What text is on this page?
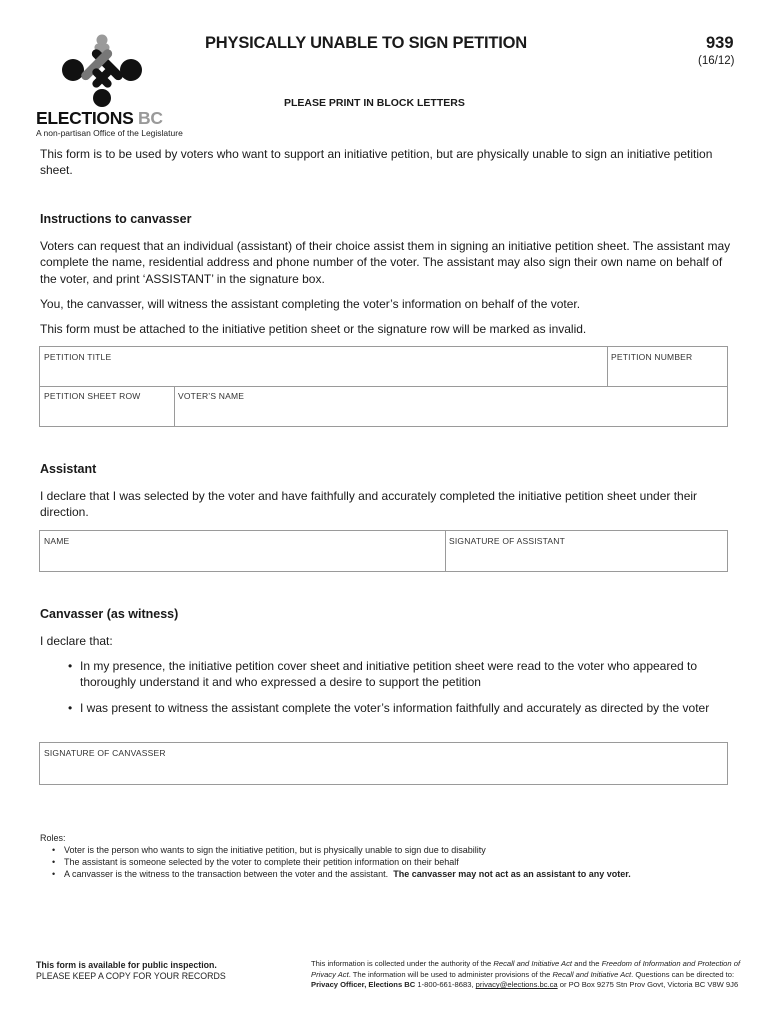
ELECTIONS BC
A non-partisan Office of the Legislature
PHYSICALLY UNABLE TO SIGN PETITION	939
(16/12)
PLEASE PRINT IN BLOCK LETTERS
This form is to be used by voters who want to support an initiative petition, but are physically unable to sign an initiative petition sheet.
Instructions to canvasser
Voters can request that an individual (assistant) of their choice assist them in signing an initiative petition sheet. The assistant may complete the name, residential address and phone number of the voter. The assistant may also sign their own name on behalf of the voter, and print ‘ASSISTANT’ in the signature box.
You, the canvasser, will witness the assistant completing the voter’s information on behalf of the voter.
This form must be attached to the initiative petition sheet or the signature row will be marked as invalid.
PETITION TITLE	PETITION NUMBER
PETITION SHEET ROW	VOTER’S NAME
Assistant
I declare that I was selected by the voter and have faithfully and accurately completed the initiative petition sheet under their direction.
NAME	SIGNATURE OF ASSISTANT
Canvasser (as witness)
I declare that:
• In my presence, the initiative petition cover sheet and initiative petition sheet were read to the voter who appeared to thoroughly understand it and who expressed a desire to support the petition
• I was present to witness the assistant complete the voter’s information faithfully and accurately as directed by the voter
SIGNATURE OF CANVASSER
Roles:
• Voter is the person who wants to sign the initiative petition, but is physically unable to sign due to disability
• The assistant is someone selected by the voter to complete their petition information on their behalf
• A canvasser is the witness to the transaction between the voter and the assistant. The canvasser may not act as an assistant to any voter.
This form is available for public inspection.
PLEASE KEEP A COPY FOR YOUR RECORDS
This information is collected under the authority of the Recall and Initiative Act and the Freedom of Information and Protection of Privacy Act. The information will be used to administer provisions of the Recall and Initiative Act. Questions can be directed to:
Privacy Officer, Elections BC 1-800-661-8683, privacy@elections.bc.ca or PO Box 9275 Stn Prov Govt, Victoria BC V8W 9J6
